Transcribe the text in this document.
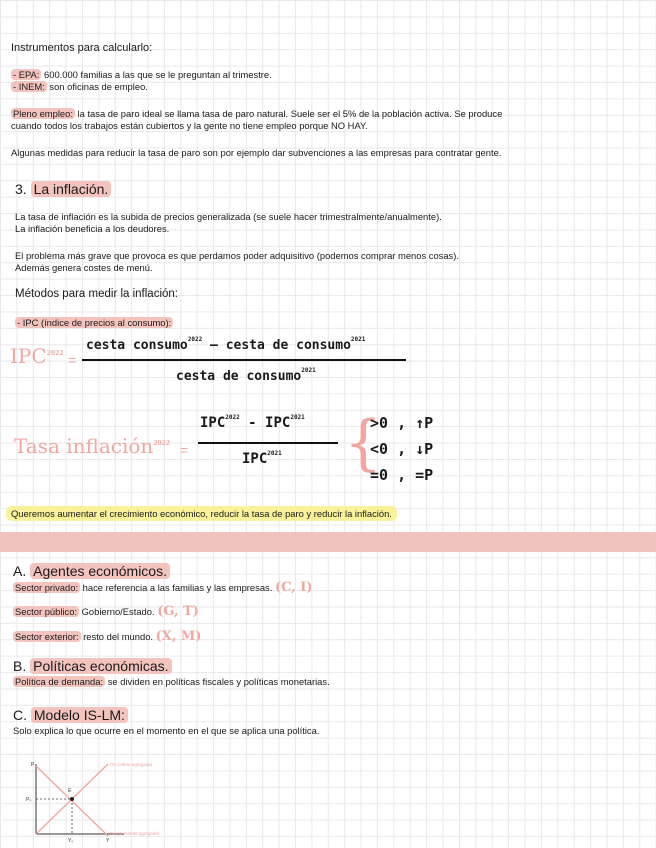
Instrumentos para calcularlo:
- EPA: 600.000 familias a las que se le preguntan al trimestre.
- INEM: son oficinas de empleo.
Pleno empleo: la tasa de paro ideal se llama tasa de paro natural. Suele ser el 5% de la población activa. Se produce
cuando todos los trabajos están cubiertos y la gente no tiene empleo porque NO HAY.
Algunas medidas para reducir la tasa de paro son por ejemplo dar subvenciones a las empresas para contratar gente.
3. La inflación.
La tasa de inflación es la subida de precios generalizada (se suele hacer trimestralmente/anualmente).
La inflación beneficia a los deudores.
El problema más grave que provoca es que perdamos poder adquisitivo (podemos comprar menos cosas).
Además genera costes de menú.
Métodos para medir la inflación:
- IPC (índice de precios al consumo):
$IPC^{2022}$ =
cesta consumo$^{2022}$ – cesta de consumo$^{2021}$
cesta de consumo$^{2021}$
Tasa inflación$^{2022}$ =
$IPC^{2022} - IPC^{2021}$
$IPC^{2021}$ {
>0 , ↑P
<0 , ↓P
=0 , =P
Queremos aumentar el crecimiento económico, reducir la tasa de paro y reducir la inflación.
A. Agentes económicos.
Sector privado: hace referencia a las familias y las empresas. (C, I)
Sector público: Gobierno/Estado. (G, T)
Sector exterior: resto del mundo. (X, M)
B. Políticas económicas.
Política de demanda: se dividen en políticas fiscales y políticas monetarias.
C. Modelo IS-LM:
Solo explica lo que ocurre en el momento en el que se aplica una política.
P
E
P₀
Y₀	Y
OA (oferta agregada)
DA (demanda agregada)
